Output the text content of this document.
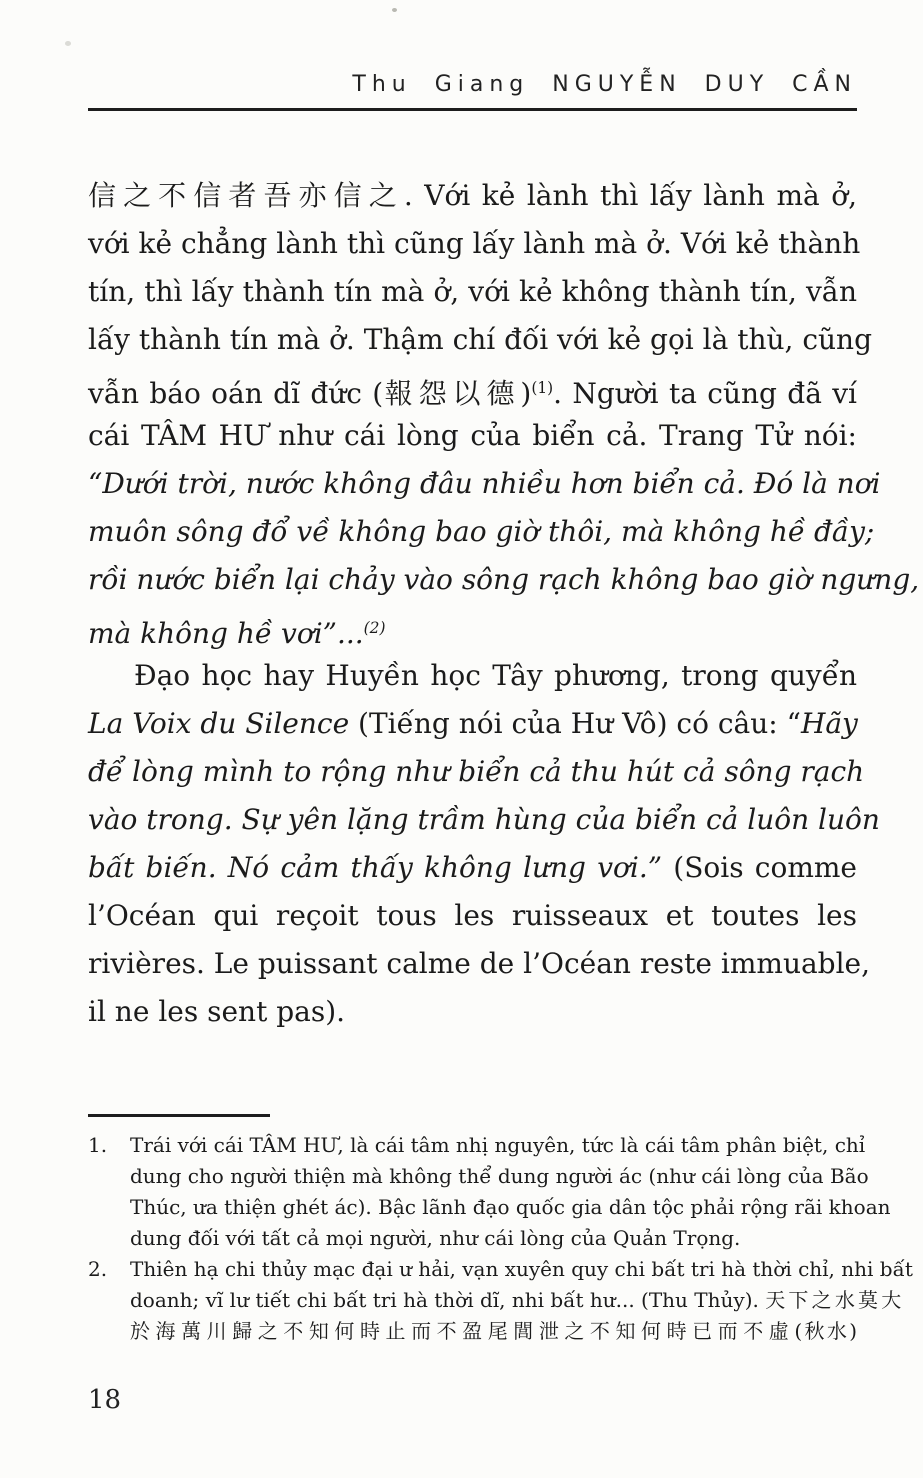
Thu Giang NGUYỄN DUY CẦN
信之不信者吾亦信之. Với kẻ lành thì lấy lành mà ở,
với kẻ chẳng lành thì cũng lấy lành mà ở. Với kẻ thành
tín, thì lấy thành tín mà ở, với kẻ không thành tín, vẫn
lấy thành tín mà ở. Thậm chí đối với kẻ gọi là thù, cũng
vẫn báo oán dĩ đức (報怨以德)$^{(1)}$. Người ta cũng đã ví
cái TÂM HƯ như cái lòng của biển cả. Trang Tử nói:
“Dưới trời, nước không đâu nhiều hơn biển cả. Đó là nơi
muôn sông đổ về không bao giờ thôi, mà không hề đầy;
rồi nước biển lại chảy vào sông rạch không bao giờ ngưng,
mà không hề vơi”...$^{(2)}$
Đạo học hay Huyền học Tây phương, trong quyển
La Voix du Silence (Tiếng nói của Hư Vô) có câu: “Hãy
để lòng mình to rộng như biển cả thu hút cả sông rạch
vào trong. Sự yên lặng trầm hùng của biển cả luôn luôn
bất biến. Nó cảm thấy không lưng vơi.” (Sois comme
l’Océan qui reçoit tous les ruisseaux et toutes les
rivières. Le puissant calme de l’Océan reste immuable,
il ne les sent pas).
1.	Trái với cái TÂM HƯ, là cái tâm nhị nguyên, tức là cái tâm phân biệt, chỉ
dung cho người thiện mà không thể dung người ác (như cái lòng của Bão
Thúc, ưa thiện ghét ác). Bậc lãnh đạo quốc gia dân tộc phải rộng rãi khoan
dung đối với tất cả mọi người, như cái lòng của Quản Trọng.
2.	Thiên hạ chi thủy mạc đại ư hải, vạn xuyên quy chi bất tri hà thời chỉ, nhi bất
doanh; vĩ lư tiết chi bất tri hà thời dĩ, nhi bất hư... (Thu Thủy). 天下之水莫大
於海萬川歸之不知何時止而不盈尾閭泄之不知何時已而不虛(秋水)
18
